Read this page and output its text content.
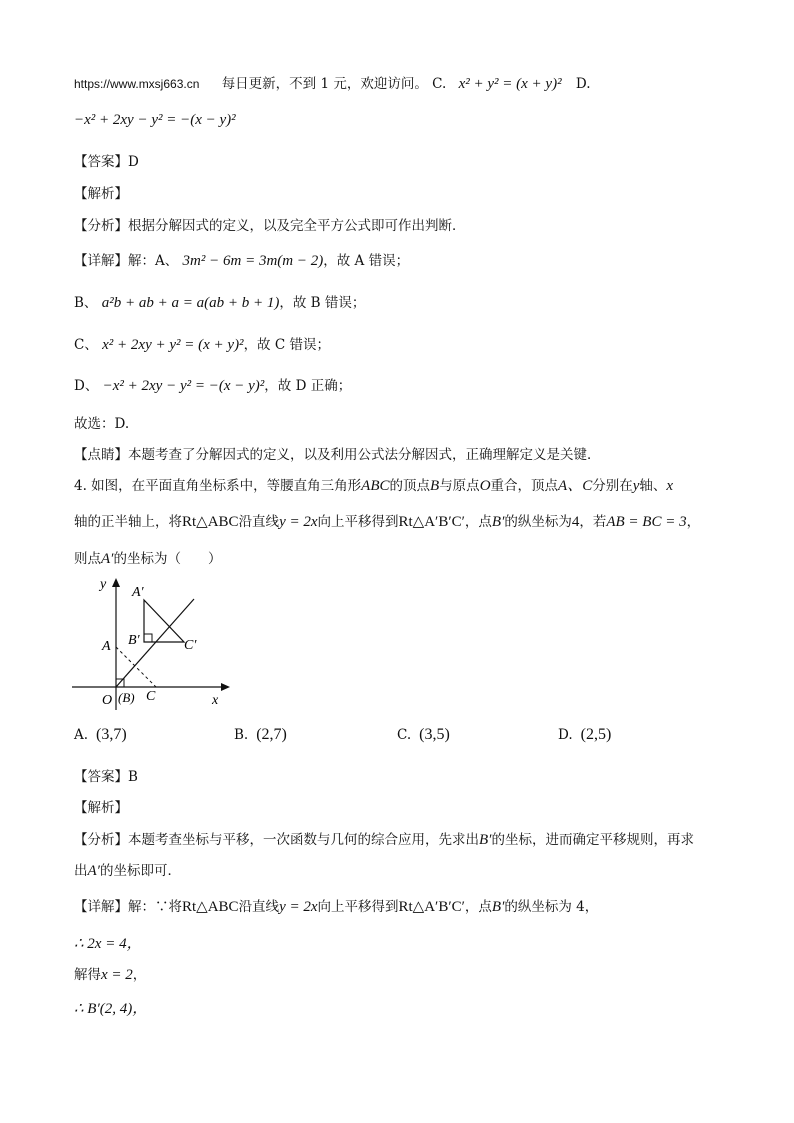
https://www.mxsj663.cn 每日更新，不到 1 元，欢迎访问。 C. x² + y² = (x + y)² D.
−x² + 2xy − y² = −(x − y)²
【答案】D
【解析】
【分析】根据分解因式的定义，以及完全平方公式即可作出判断．
【详解】解：A、 3m² − 6m = 3m(m − 2)，故 A 错误；
B、 a²b + ab + a = a(ab + b + 1)，故 B 错误；
C、 x² + 2xy + y² = (x + y)²，故 C 错误；
D、 −x² + 2xy − y² = −(x − y)²，故 D 正确；
故选：D.
【点睛】本题考查了分解因式的定义，以及利用公式法分解因式，正确理解定义是关键．
4. 如图，在平面直角坐标系中，等腰直角三角形ABC的顶点B与原点O重合，顶点A、C分别在y轴、x
轴的正半轴上，将Rt△ABC沿直线y = 2x向上平移得到Rt△A′B′C′，点B′的纵坐标为4，若AB = BC = 3，
则点A′的坐标为（　　）
y
x
O (B) C
A
A′
B′	C′
A. (3,7)	B. (2,7)	C. (3,5)	D. (2,5)
【答案】B
【解析】
【分析】本题考查坐标与平移，一次函数与几何的综合应用，先求出B′的坐标，进而确定平移规则，再求
出A′的坐标即可．
【详解】解：∵将Rt△ABC沿直线y = 2x向上平移得到Rt△A′B′C′，点B′的纵坐标为 4，
∴ 2x = 4，
解得x = 2，
∴ B′(2, 4)，
